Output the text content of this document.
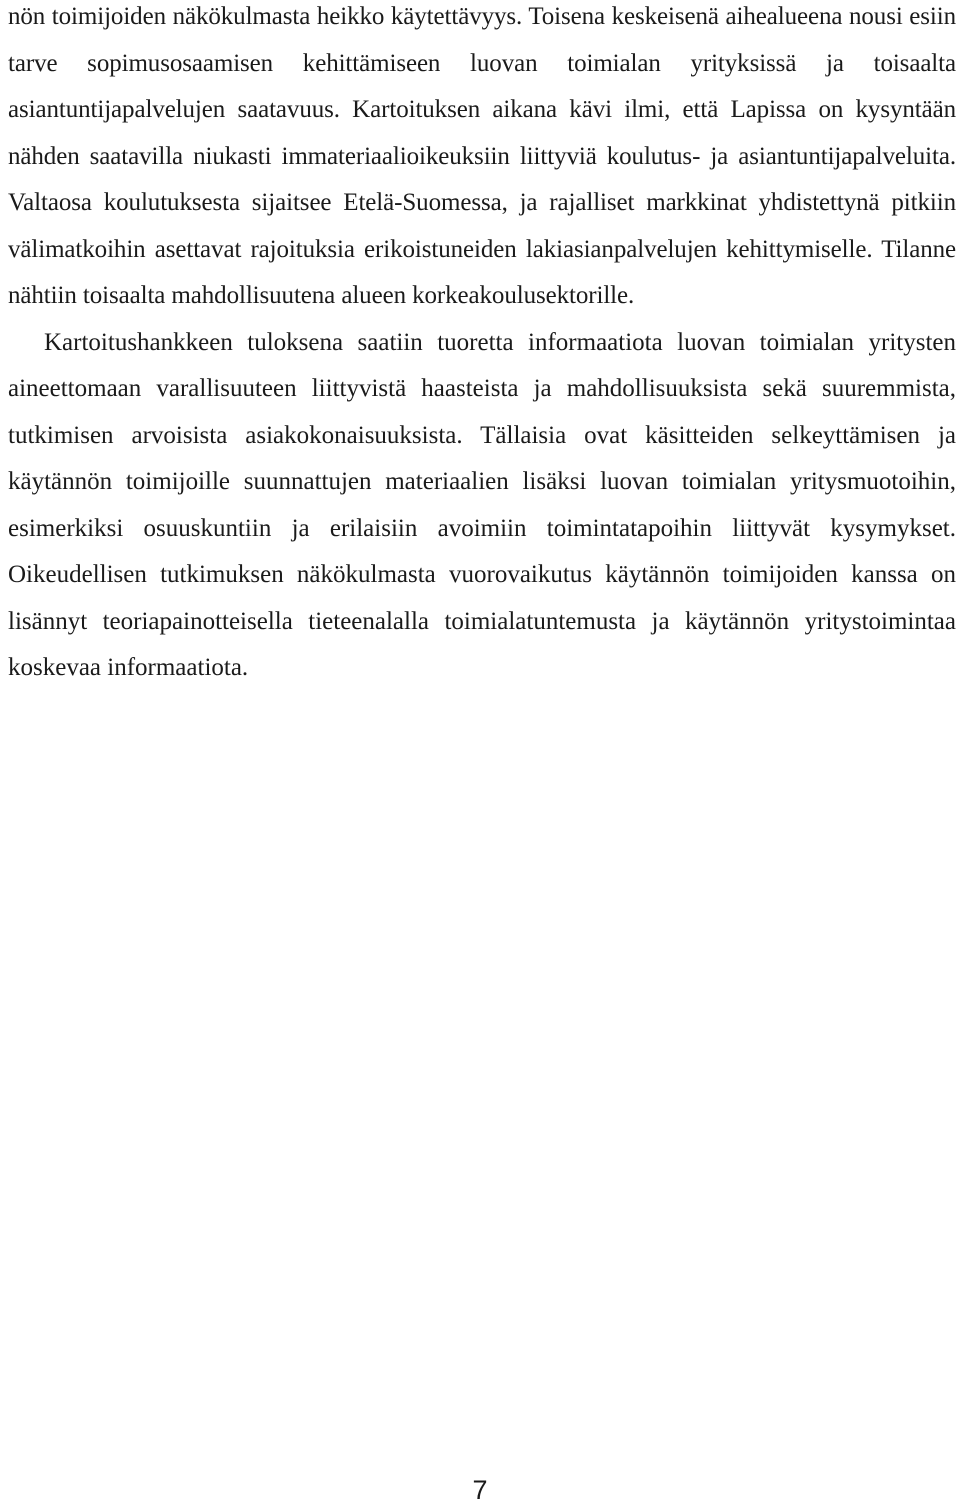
nön toimijoiden näkökulmasta heikko käytettävyys. Toisena keskeisenä aihealueena nousi esiin tarve sopimusosaamisen kehittämiseen luovan toimialan yrityksissä ja toisaalta asiantuntijapalvelujen saatavuus. Kartoituksen aikana kävi ilmi, että Lapissa on kysyntään nähden saatavilla niukasti immateriaalioikeuksiin liittyviä koulutus- ja asiantuntijapalveluita. Valtaosa koulutuksesta sijaitsee Etelä-Suomessa, ja rajalliset markkinat yhdistettynä pitkiin välimatkoihin asettavat rajoituksia erikoistuneiden lakiasianpalvelujen kehittymiselle. Tilanne nähtiin toisaalta mahdollisuutena alueen korkeakoulusektorille.

Kartoitushankkeen tuloksena saatiin tuoretta informaatiota luovan toimialan yritysten aineettomaan varallisuuteen liittyvistä haasteista ja mahdollisuuksista sekä suuremmista, tutkimisen arvoisista asiakokonaisuuksista. Tällaisia ovat käsitteiden selkeyttämisen ja käytännön toimijoille suunnattujen materiaalien lisäksi luovan toimialan yritysmuotoihin, esimerkiksi osuuskuntiin ja erilaisiin avoimiin toimintatapoihin liittyvät kysymykset. Oikeudellisen tutkimuksen näkökulmasta vuorovaikutus käytännön toimijoiden kanssa on lisännyt teoriapainotteisella tieteenalalla toimialatuntemusta ja käytännön yritystoimintaa koskevaa informaatiota.

7
